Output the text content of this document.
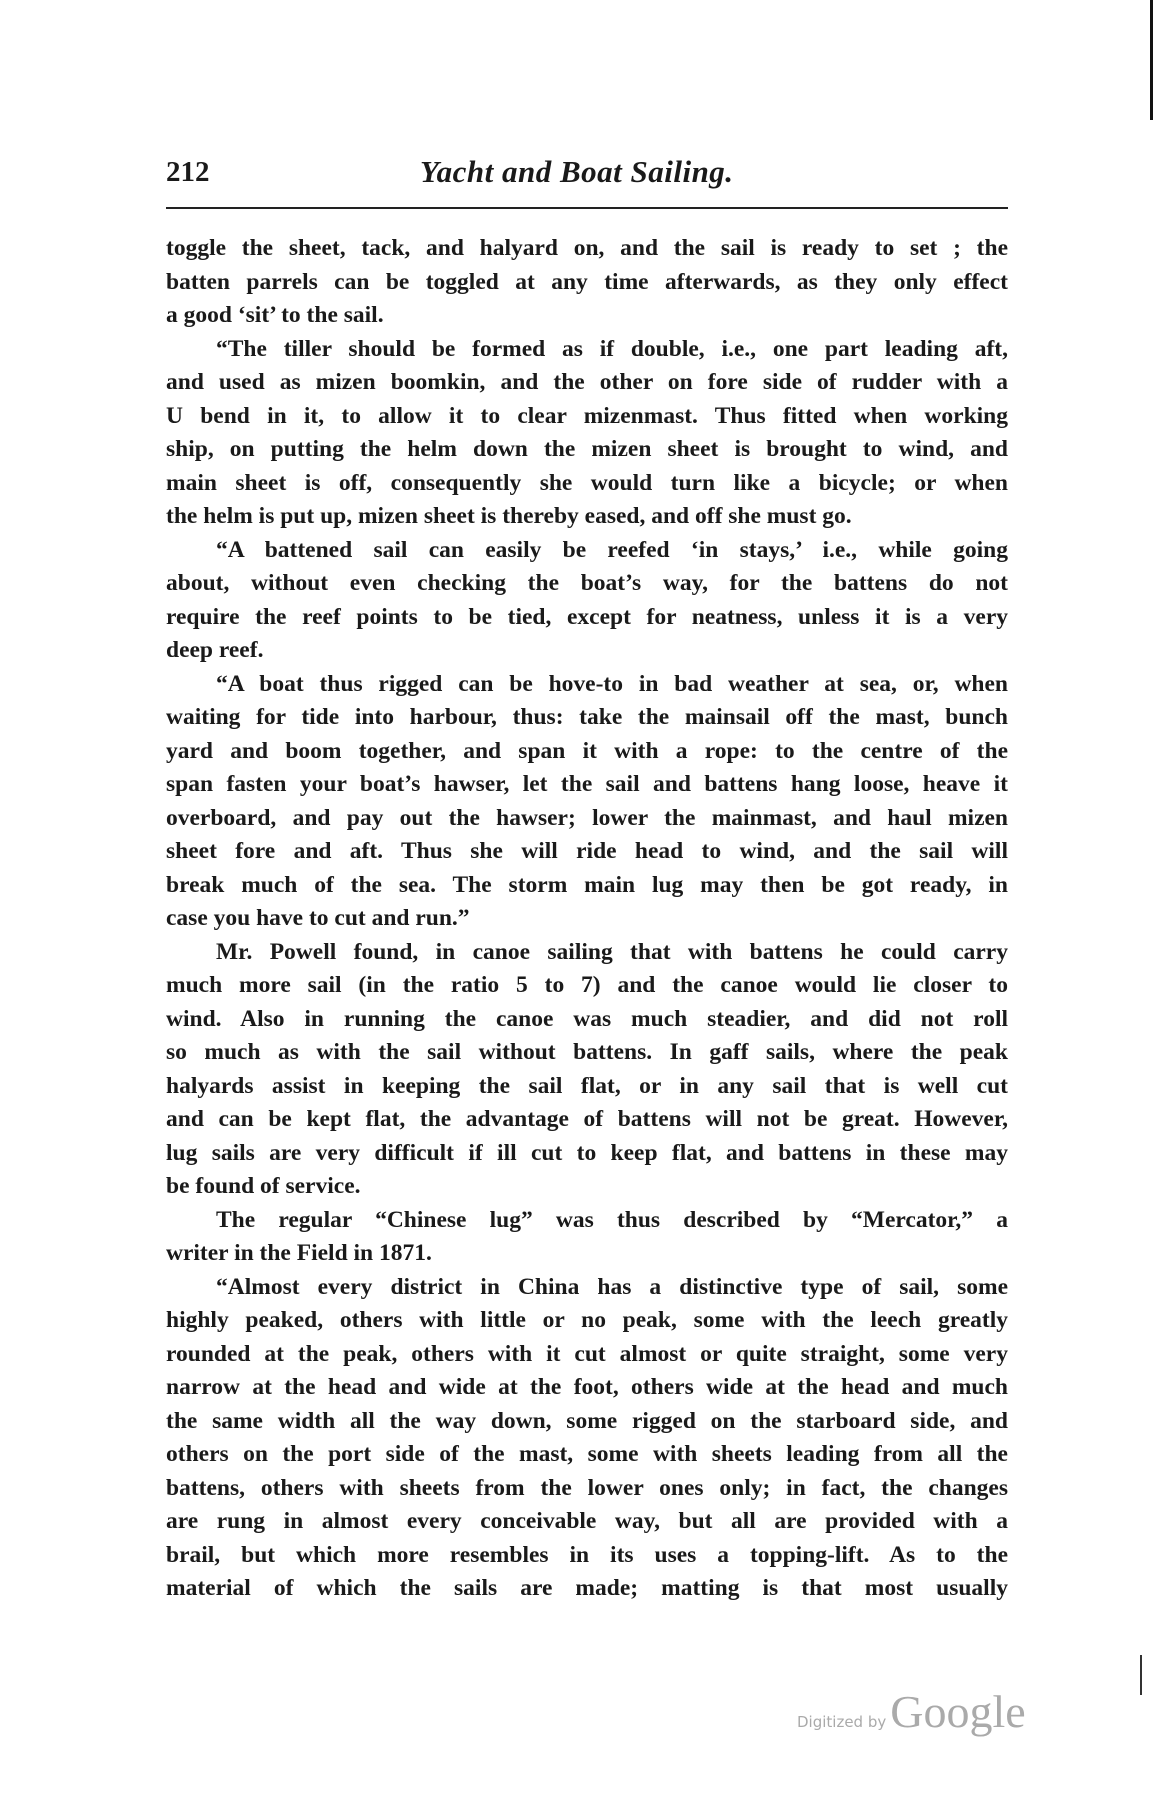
212	Yacht and Boat Sailing.
toggle the sheet, tack, and halyard on, and the sail is ready to set ; the
batten parrels can be toggled at any time afterwards, as they only effect
a good ‘sit’ to the sail.
“The tiller should be formed as if double, i.e., one part leading aft,
and used as mizen boomkin, and the other on fore side of rudder with a
U bend in it, to allow it to clear mizenmast. Thus fitted when working
ship, on putting the helm down the mizen sheet is brought to wind, and
main sheet is off, consequently she would turn like a bicycle; or when
the helm is put up, mizen sheet is thereby eased, and off she must go.
“A battened sail can easily be reefed ‘in stays,’ i.e., while going
about, without even checking the boat’s way, for the battens do not
require the reef points to be tied, except for neatness, unless it is a very
deep reef.
“A boat thus rigged can be hove-to in bad weather at sea, or, when
waiting for tide into harbour, thus: take the mainsail off the mast, bunch
yard and boom together, and span it with a rope: to the centre of the
span fasten your boat’s hawser, let the sail and battens hang loose, heave it
overboard, and pay out the hawser; lower the mainmast, and haul mizen
sheet fore and aft. Thus she will ride head to wind, and the sail will
break much of the sea. The storm main lug may then be got ready, in
case you have to cut and run.”
Mr. Powell found, in canoe sailing that with battens he could carry
much more sail (in the ratio 5 to 7) and the canoe would lie closer to
wind. Also in running the canoe was much steadier, and did not roll
so much as with the sail without battens. In gaff sails, where the peak
halyards assist in keeping the sail flat, or in any sail that is well cut
and can be kept flat, the advantage of battens will not be great. However,
lug sails are very difficult if ill cut to keep flat, and battens in these may
be found of service.
The regular “Chinese lug” was thus described by “Mercator,” a
writer in the Field in 1871.
“Almost every district in China has a distinctive type of sail, some
highly peaked, others with little or no peak, some with the leech greatly
rounded at the peak, others with it cut almost or quite straight, some very
narrow at the head and wide at the foot, others wide at the head and much
the same width all the way down, some rigged on the starboard side, and
others on the port side of the mast, some with sheets leading from all the
battens, others with sheets from the lower ones only; in fact, the changes
are rung in almost every conceivable way, but all are provided with a
brail, but which more resembles in its uses a topping-lift. As to the
material of which the sails are made; matting is that most usually
Digitized by Google
